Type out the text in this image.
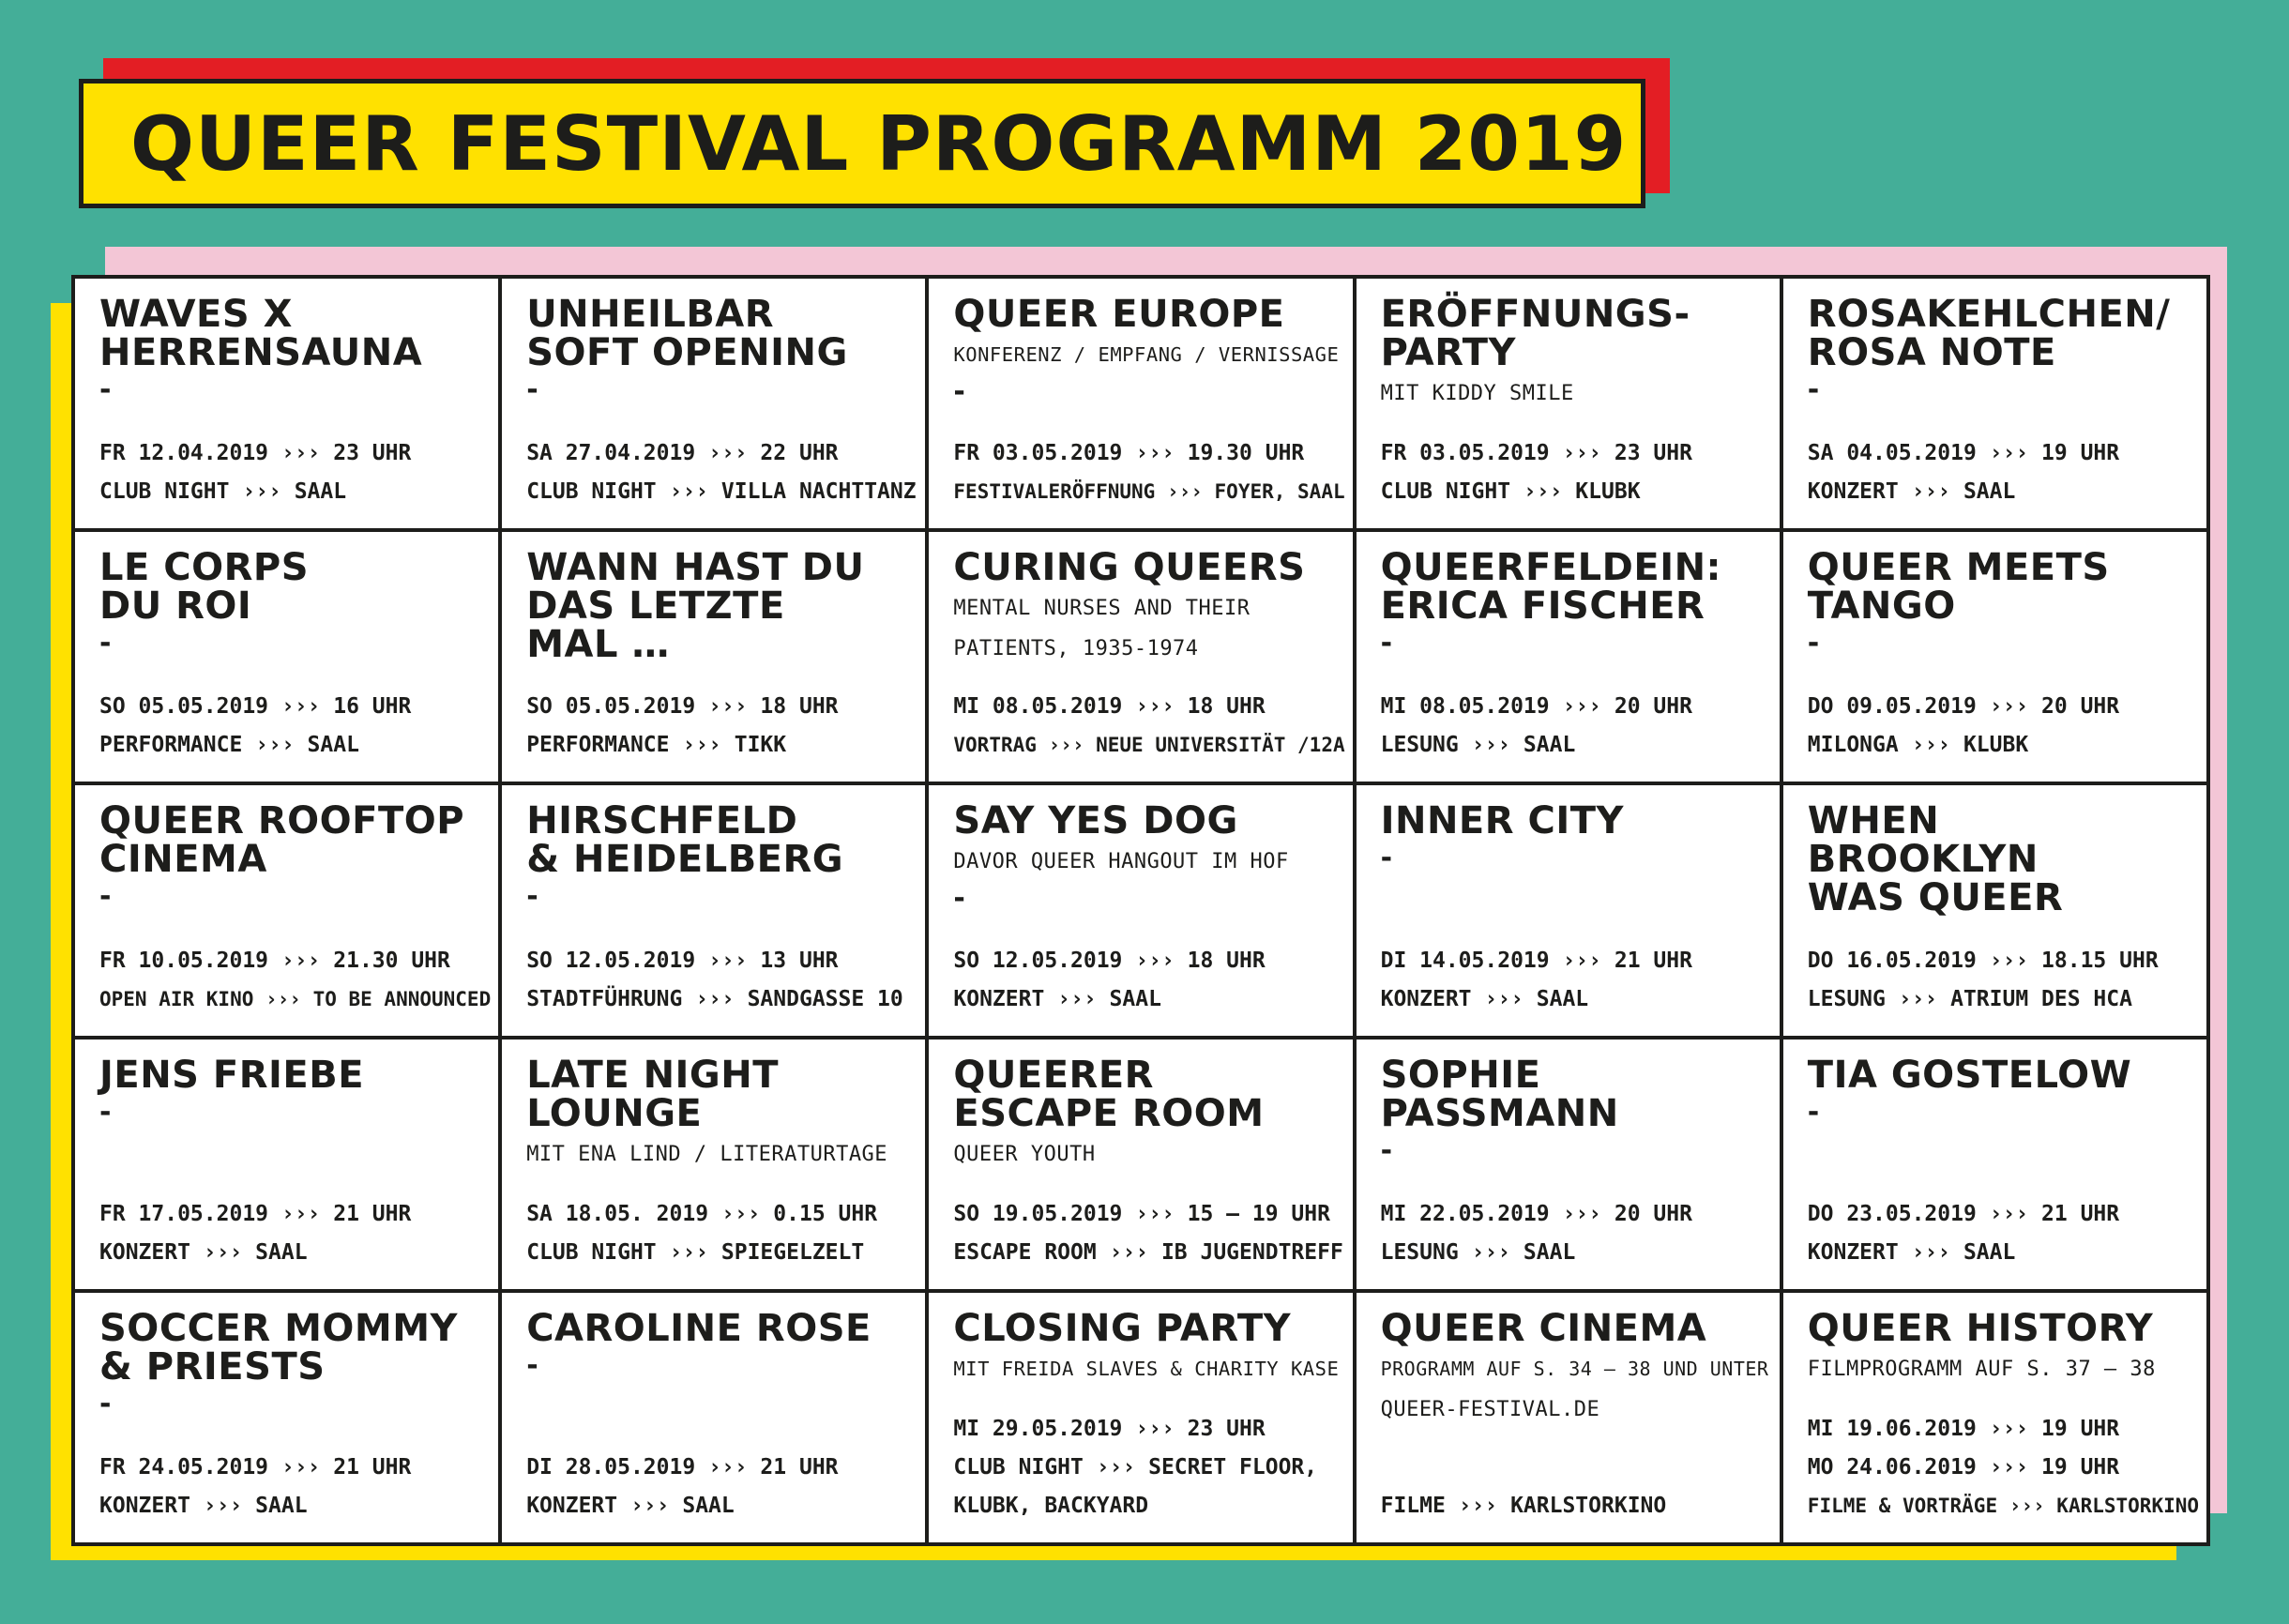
QUEER FESTIVAL PROGRAMM 2019
WAVES X
HERRENSAUNA
-
FR 12.04.2019 ››› 23 UHR
CLUB NIGHT ››› SAAL
UNHEILBAR
SOFT OPENING
-
SA 27.04.2019 ››› 22 UHR
CLUB NIGHT ››› VILLA NACHTTANZ
QUEER EUROPE
KONFERENZ / EMPFANG / VERNISSAGE
-
FR 03.05.2019 ››› 19.30 UHR
FESTIVALERÖFFNUNG ››› FOYER, SAAL
ERÖFFNUNGS-
PARTY
MIT KIDDY SMILE
FR 03.05.2019 ››› 23 UHR
CLUB NIGHT ››› KLUBK
ROSAKEHLCHEN/
ROSA NOTE
-
SA 04.05.2019 ››› 19 UHR
KONZERT ››› SAAL
LE CORPS
DU ROI
-
SO 05.05.2019 ››› 16 UHR
PERFORMANCE ››› SAAL
WANN HAST DU
DAS LETZTE
MAL …
SO 05.05.2019 ››› 18 UHR
PERFORMANCE ››› TIKK
CURING QUEERS
MENTAL NURSES AND THEIR
PATIENTS, 1935-1974
MI 08.05.2019 ››› 18 UHR
VORTRAG ››› NEUE UNIVERSITÄT /12A
QUEERFELDEIN:
ERICA FISCHER
-
MI 08.05.2019 ››› 20 UHR
LESUNG ››› SAAL
QUEER MEETS
TANGO
-
DO 09.05.2019 ››› 20 UHR
MILONGA ››› KLUBK
QUEER ROOFTOP
CINEMA
-
FR 10.05.2019 ››› 21.30 UHR
OPEN AIR KINO ››› TO BE ANNOUNCED
HIRSCHFELD
& HEIDELBERG
-
SO 12.05.2019 ››› 13 UHR
STADTFÜHRUNG ››› SANDGASSE 10
SAY YES DOG
DAVOR QUEER HANGOUT IM HOF
-
SO 12.05.2019 ››› 18 UHR
KONZERT ››› SAAL
INNER CITY
-
DI 14.05.2019 ››› 21 UHR
KONZERT ››› SAAL
WHEN
BROOKLYN
WAS QUEER
DO 16.05.2019 ››› 18.15 UHR
LESUNG ››› ATRIUM DES HCA
JENS FRIEBE
-
FR 17.05.2019 ››› 21 UHR
KONZERT ››› SAAL
LATE NIGHT
LOUNGE
MIT ENA LIND / LITERATURTAGE
SA 18.05. 2019 ››› 0.15 UHR
CLUB NIGHT ››› SPIEGELZELT
QUEERER
ESCAPE ROOM
QUEER YOUTH
SO 19.05.2019 ››› 15 – 19 UHR
ESCAPE ROOM ››› IB JUGENDTREFF
SOPHIE
PASSMANN
-
MI 22.05.2019 ››› 20 UHR
LESUNG ››› SAAL
TIA GOSTELOW
-
DO 23.05.2019 ››› 21 UHR
KONZERT ››› SAAL
SOCCER MOMMY
& PRIESTS
-
FR 24.05.2019 ››› 21 UHR
KONZERT ››› SAAL
CAROLINE ROSE
-
DI 28.05.2019 ››› 21 UHR
KONZERT ››› SAAL
CLOSING PARTY
MIT FREIDA SLAVES & CHARITY KASE
MI 29.05.2019 ››› 23 UHR
CLUB NIGHT ››› SECRET FLOOR,
KLUBK, BACKYARD
QUEER CINEMA
PROGRAMM AUF S. 34 – 38 UND UNTER
QUEER-FESTIVAL.DE
FILME ››› KARLSTORKINO
QUEER HISTORY
FILMPROGRAMM AUF S. 37 – 38
MI 19.06.2019 ››› 19 UHR
MO 24.06.2019 ››› 19 UHR
FILME & VORTRÄGE ››› KARLSTORKINO
